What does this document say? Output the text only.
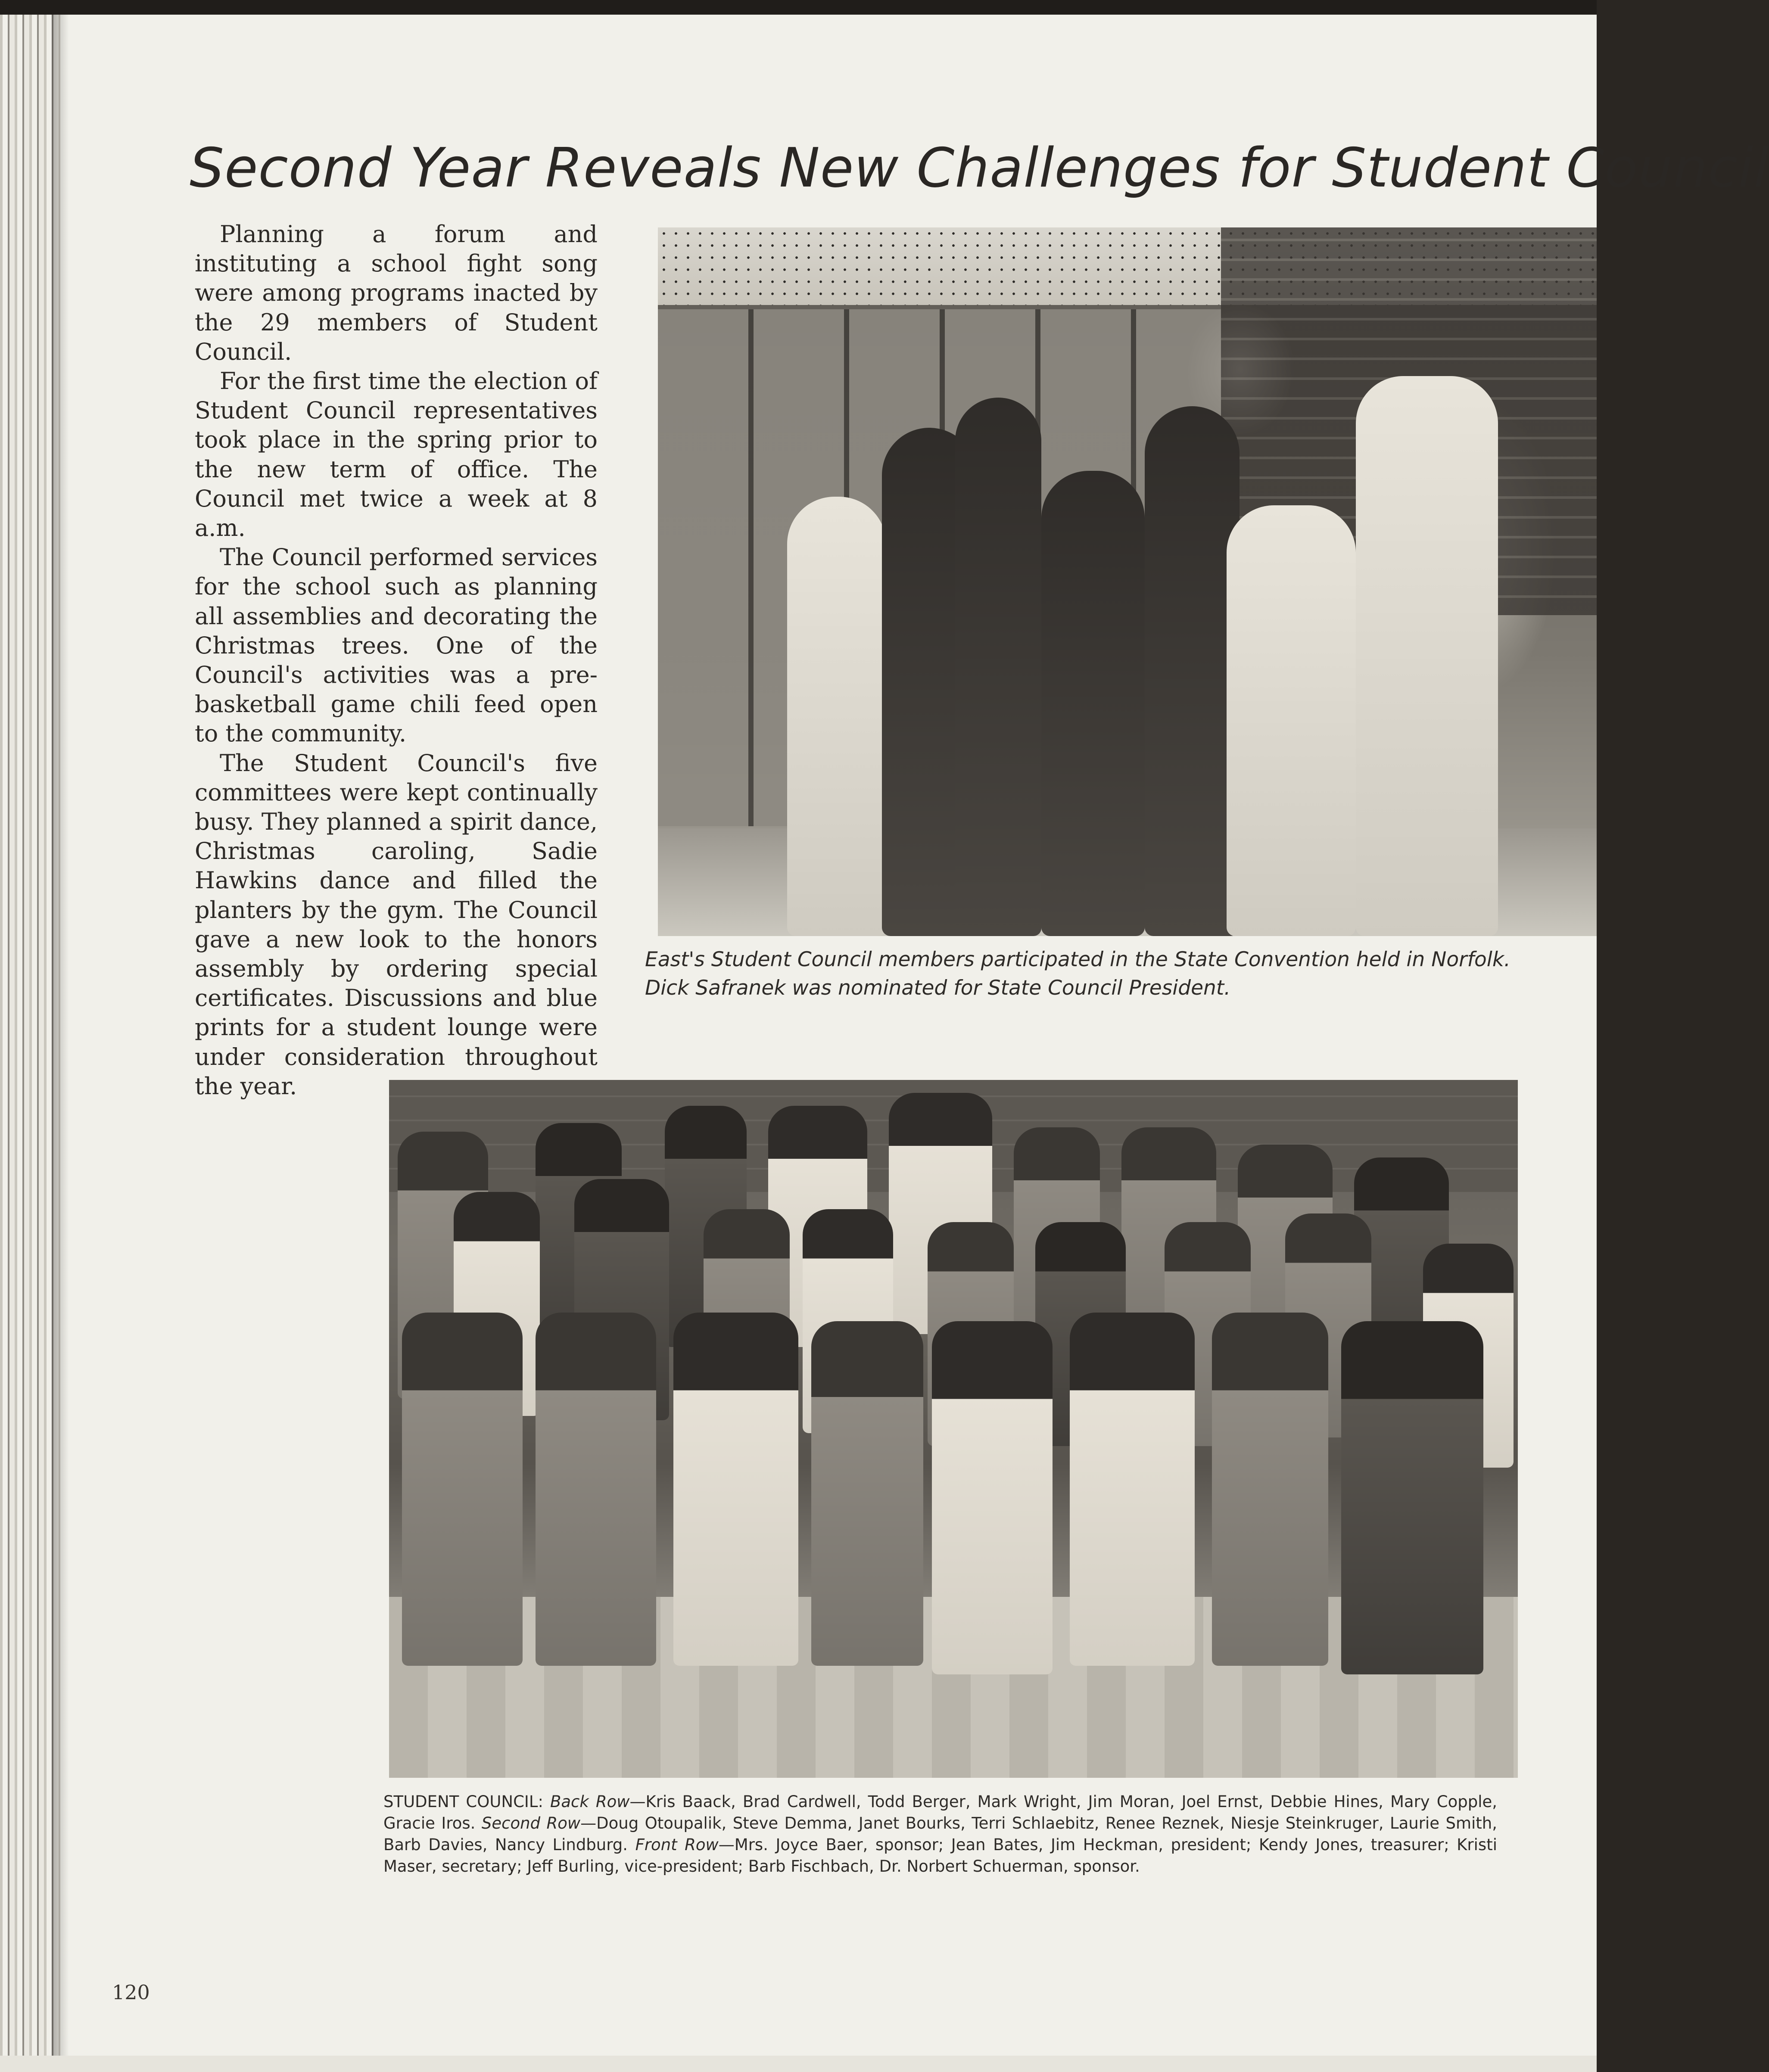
Second Year Reveals New Challenges for Student Council

Planning a forum and instituting a school fight song were among programs inacted by the 29 members of Student Council.

For the first time the election of Student Council representatives took place in the spring prior to the new term of office. The Council met twice a week at 8 a.m.

The Council performed services for the school such as planning all assemblies and decorating the Christmas trees. One of the Council's activities was a pre-basketball game chili feed open to the community.

The Student Council's five committees were kept continually busy. They planned a spirit dance, Christmas caroling, Sadie Hawkins dance and filled the planters by the gym. The Council gave a new look to the honors assembly by ordering special certificates. Discussions and blue prints for a student lounge were under consideration throughout the year.

East's Student Council members participated in the State Convention held in Norfolk. Dick Safranek was nominated for State Council President.
STUDENT COUNCIL: Back Row—Kris Baack, Brad Cardwell, Todd Berger, Mark Wright, Jim Moran, Joel Ernst, Debbie Hines, Mary Copple, Gracie Iros. Second Row—Doug Otoupalik, Steve Demma, Janet Bourks, Terri Schlaebitz, Renee Reznek, Niesje Steinkruger, Laurie Smith, Barb Davies, Nancy Lindburg. Front Row—Mrs. Joyce Baer, sponsor; Jean Bates, Jim Heckman, president; Kendy Jones, treasurer; Kristi Maser, secretary; Jeff Burling, vice-president; Barb Fischbach, Dr. Norbert Schuerman, sponsor.
120
